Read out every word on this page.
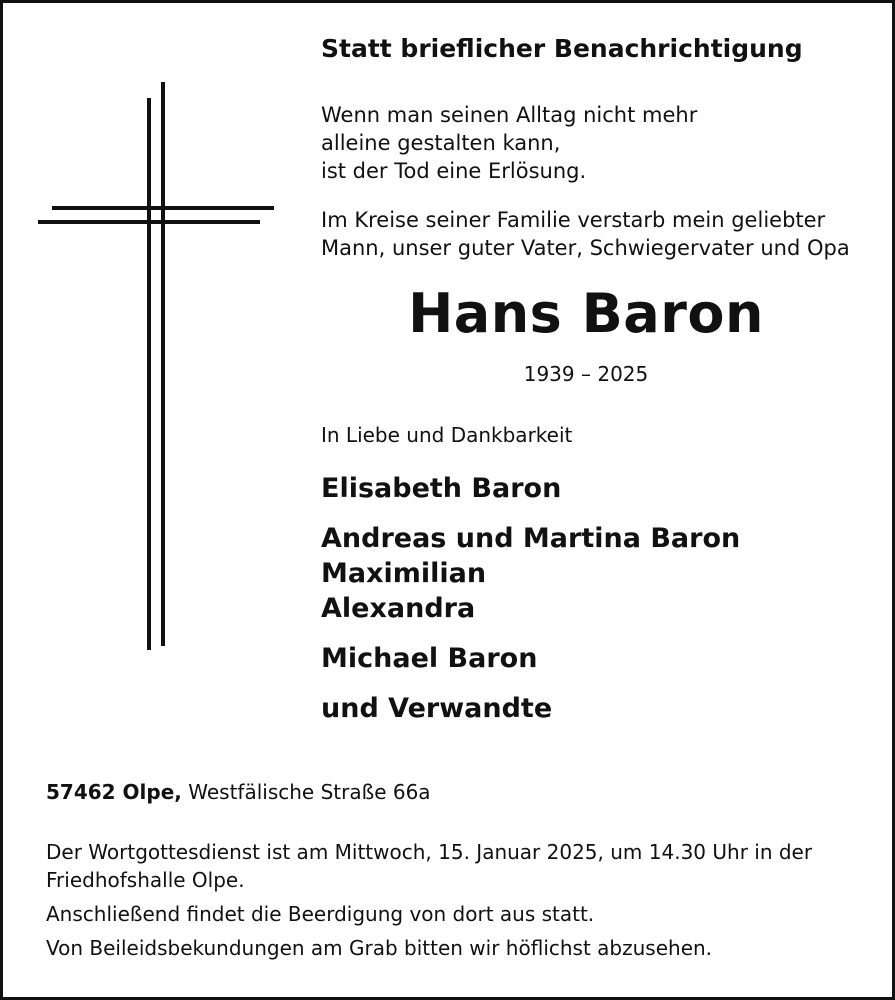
Statt brieflicher Benachrichtigung
Wenn man seinen Alltag nicht mehr
alleine gestalten kann,
ist der Tod eine Erlösung.
Im Kreise seiner Familie verstarb mein geliebter
Mann, unser guter Vater, Schwiegervater und Opa
Hans Baron
1939 – 2025
In Liebe und Dankbarkeit
Elisabeth Baron
Andreas und Martina Baron
Maximilian
Alexandra
Michael Baron
und Verwandte
57462 Olpe, Westfälische Straße 66a
Der Wortgottesdienst ist am Mittwoch, 15. Januar 2025, um 14.30 Uhr in der
Friedhofshalle Olpe.
Anschließend findet die Beerdigung von dort aus statt.
Von Beileidsbekundungen am Grab bitten wir höflichst abzusehen.
